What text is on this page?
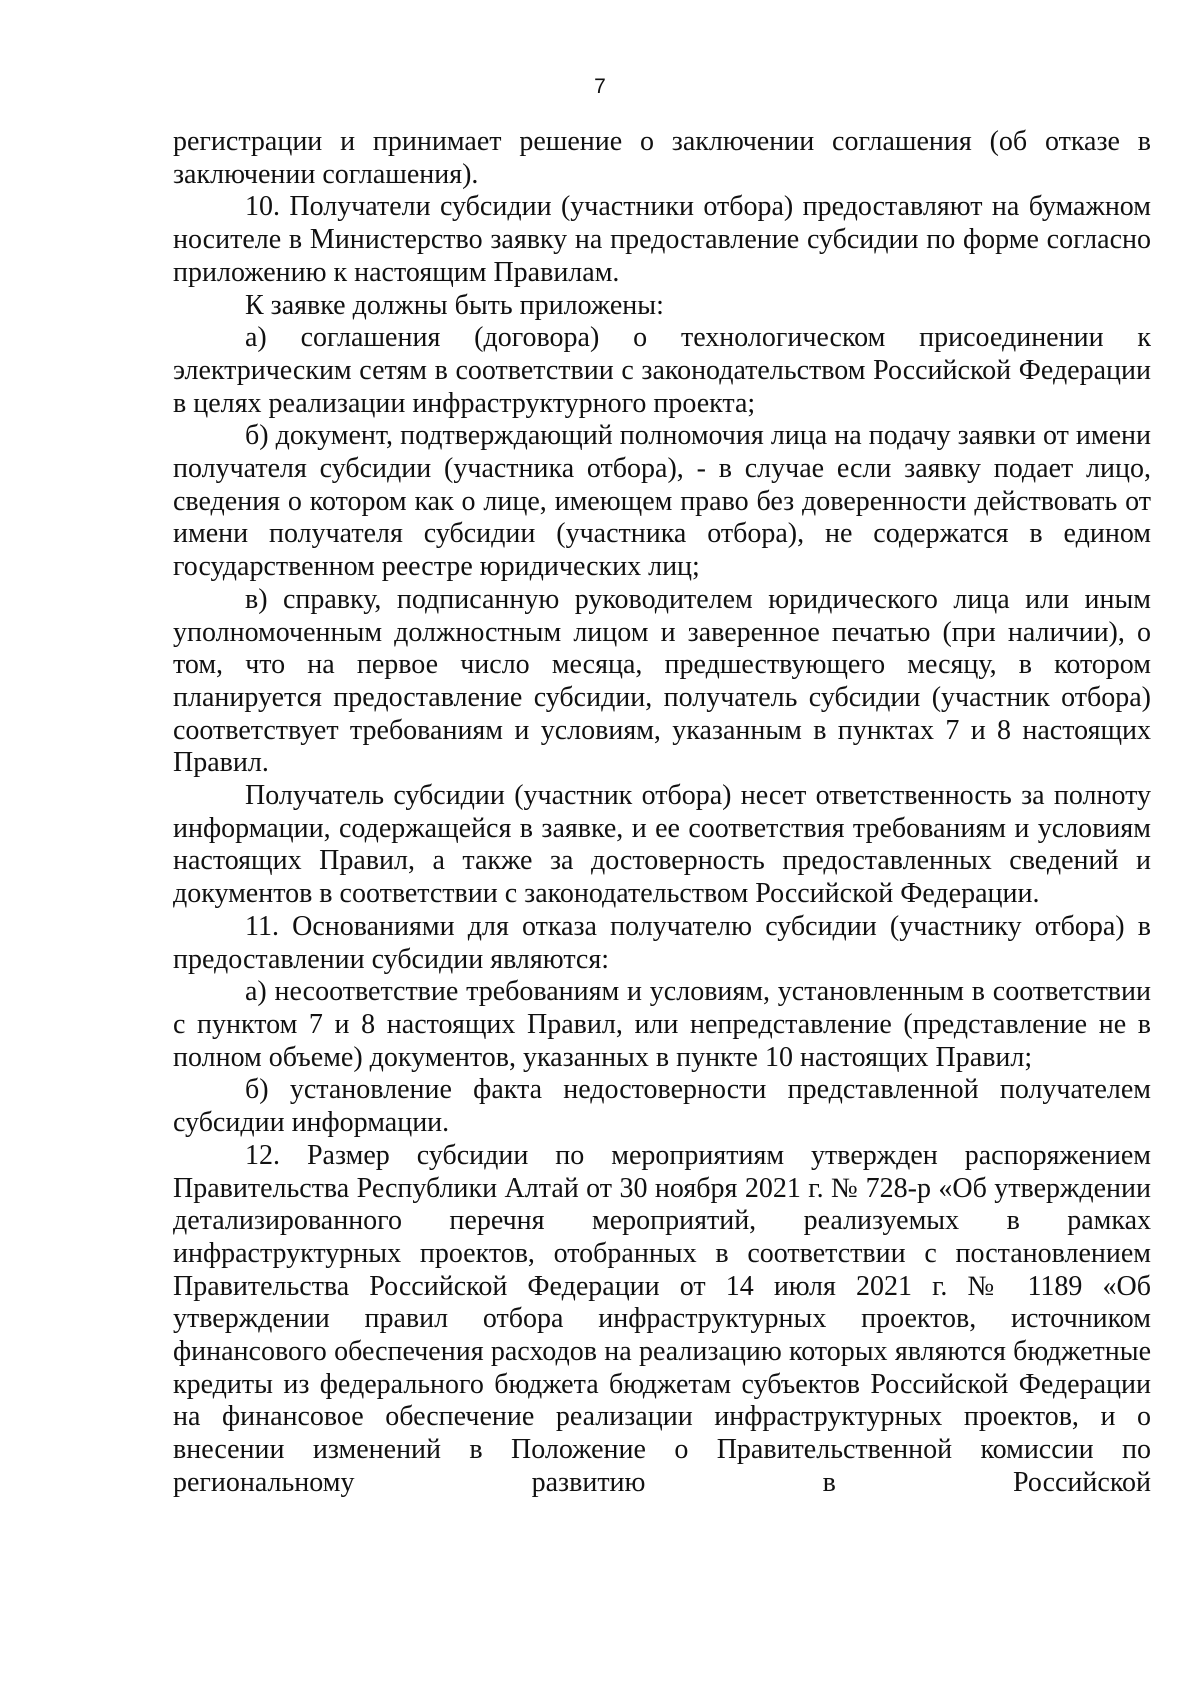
7

регистрации и принимает решение о заключении соглашения (об отказе в заключении соглашения).

10. Получатели субсидии (участники отбора) предоставляют на бумажном носителе в Министерство заявку на предоставление субсидии по форме согласно приложению к настоящим Правилам.

К заявке должны быть приложены:

а) соглашения (договора) о технологическом присоединении к электрическим сетям в соответствии с законодательством Российской Федерации в целях реализации инфраструктурного проекта;

б) документ, подтверждающий полномочия лица на подачу заявки от имени получателя субсидии (участника отбора), - в случае если заявку подает лицо, сведения о котором как о лице, имеющем право без доверенности действовать от имени получателя субсидии (участника отбора), не содержатся в едином государственном реестре юридических лиц;

в) справку, подписанную руководителем юридического лица или иным уполномоченным должностным лицом и заверенное печатью (при наличии), о том, что на первое число месяца, предшествующего месяцу, в котором планируется предоставление субсидии, получатель субсидии (участник отбора) соответствует требованиям и условиям, указанным в пунктах 7 и 8 настоящих Правил.

Получатель субсидии (участник отбора) несет ответственность за полноту информации, содержащейся в заявке, и ее соответствия требованиям и условиям настоящих Правил, а также за достоверность предоставленных сведений и документов в соответствии с законодательством Российской Федерации.

11. Основаниями для отказа получателю субсидии (участнику отбора) в предоставлении субсидии являются:

а) несоответствие требованиям и условиям, установленным в соответствии с пунктом 7 и 8 настоящих Правил, или непредставление (представление не в полном объеме) документов, указанных в пункте 10 настоящих Правил;

б) установление факта недостоверности представленной получателем субсидии информации.

12. Размер субсидии по мероприятиям утвержден распоряжением Правительства Республики Алтай от 30 ноября 2021 г. № 728-р «Об утверждении детализированного перечня мероприятий, реализуемых в рамках инфраструктурных проектов, отобранных в соответствии с постановлением Правительства Российской Федерации от 14 июля 2021 г. № 1189 «Об утверждении правил отбора инфраструктурных проектов, источником финансового обеспечения расходов на реализацию которых являются бюджетные кредиты из федерального бюджета бюджетам субъектов Российской Федерации на финансовое обеспечение реализации инфраструктурных проектов, и о внесении изменений в Положение о Правительственной комиссии по региональному развитию в Российской
